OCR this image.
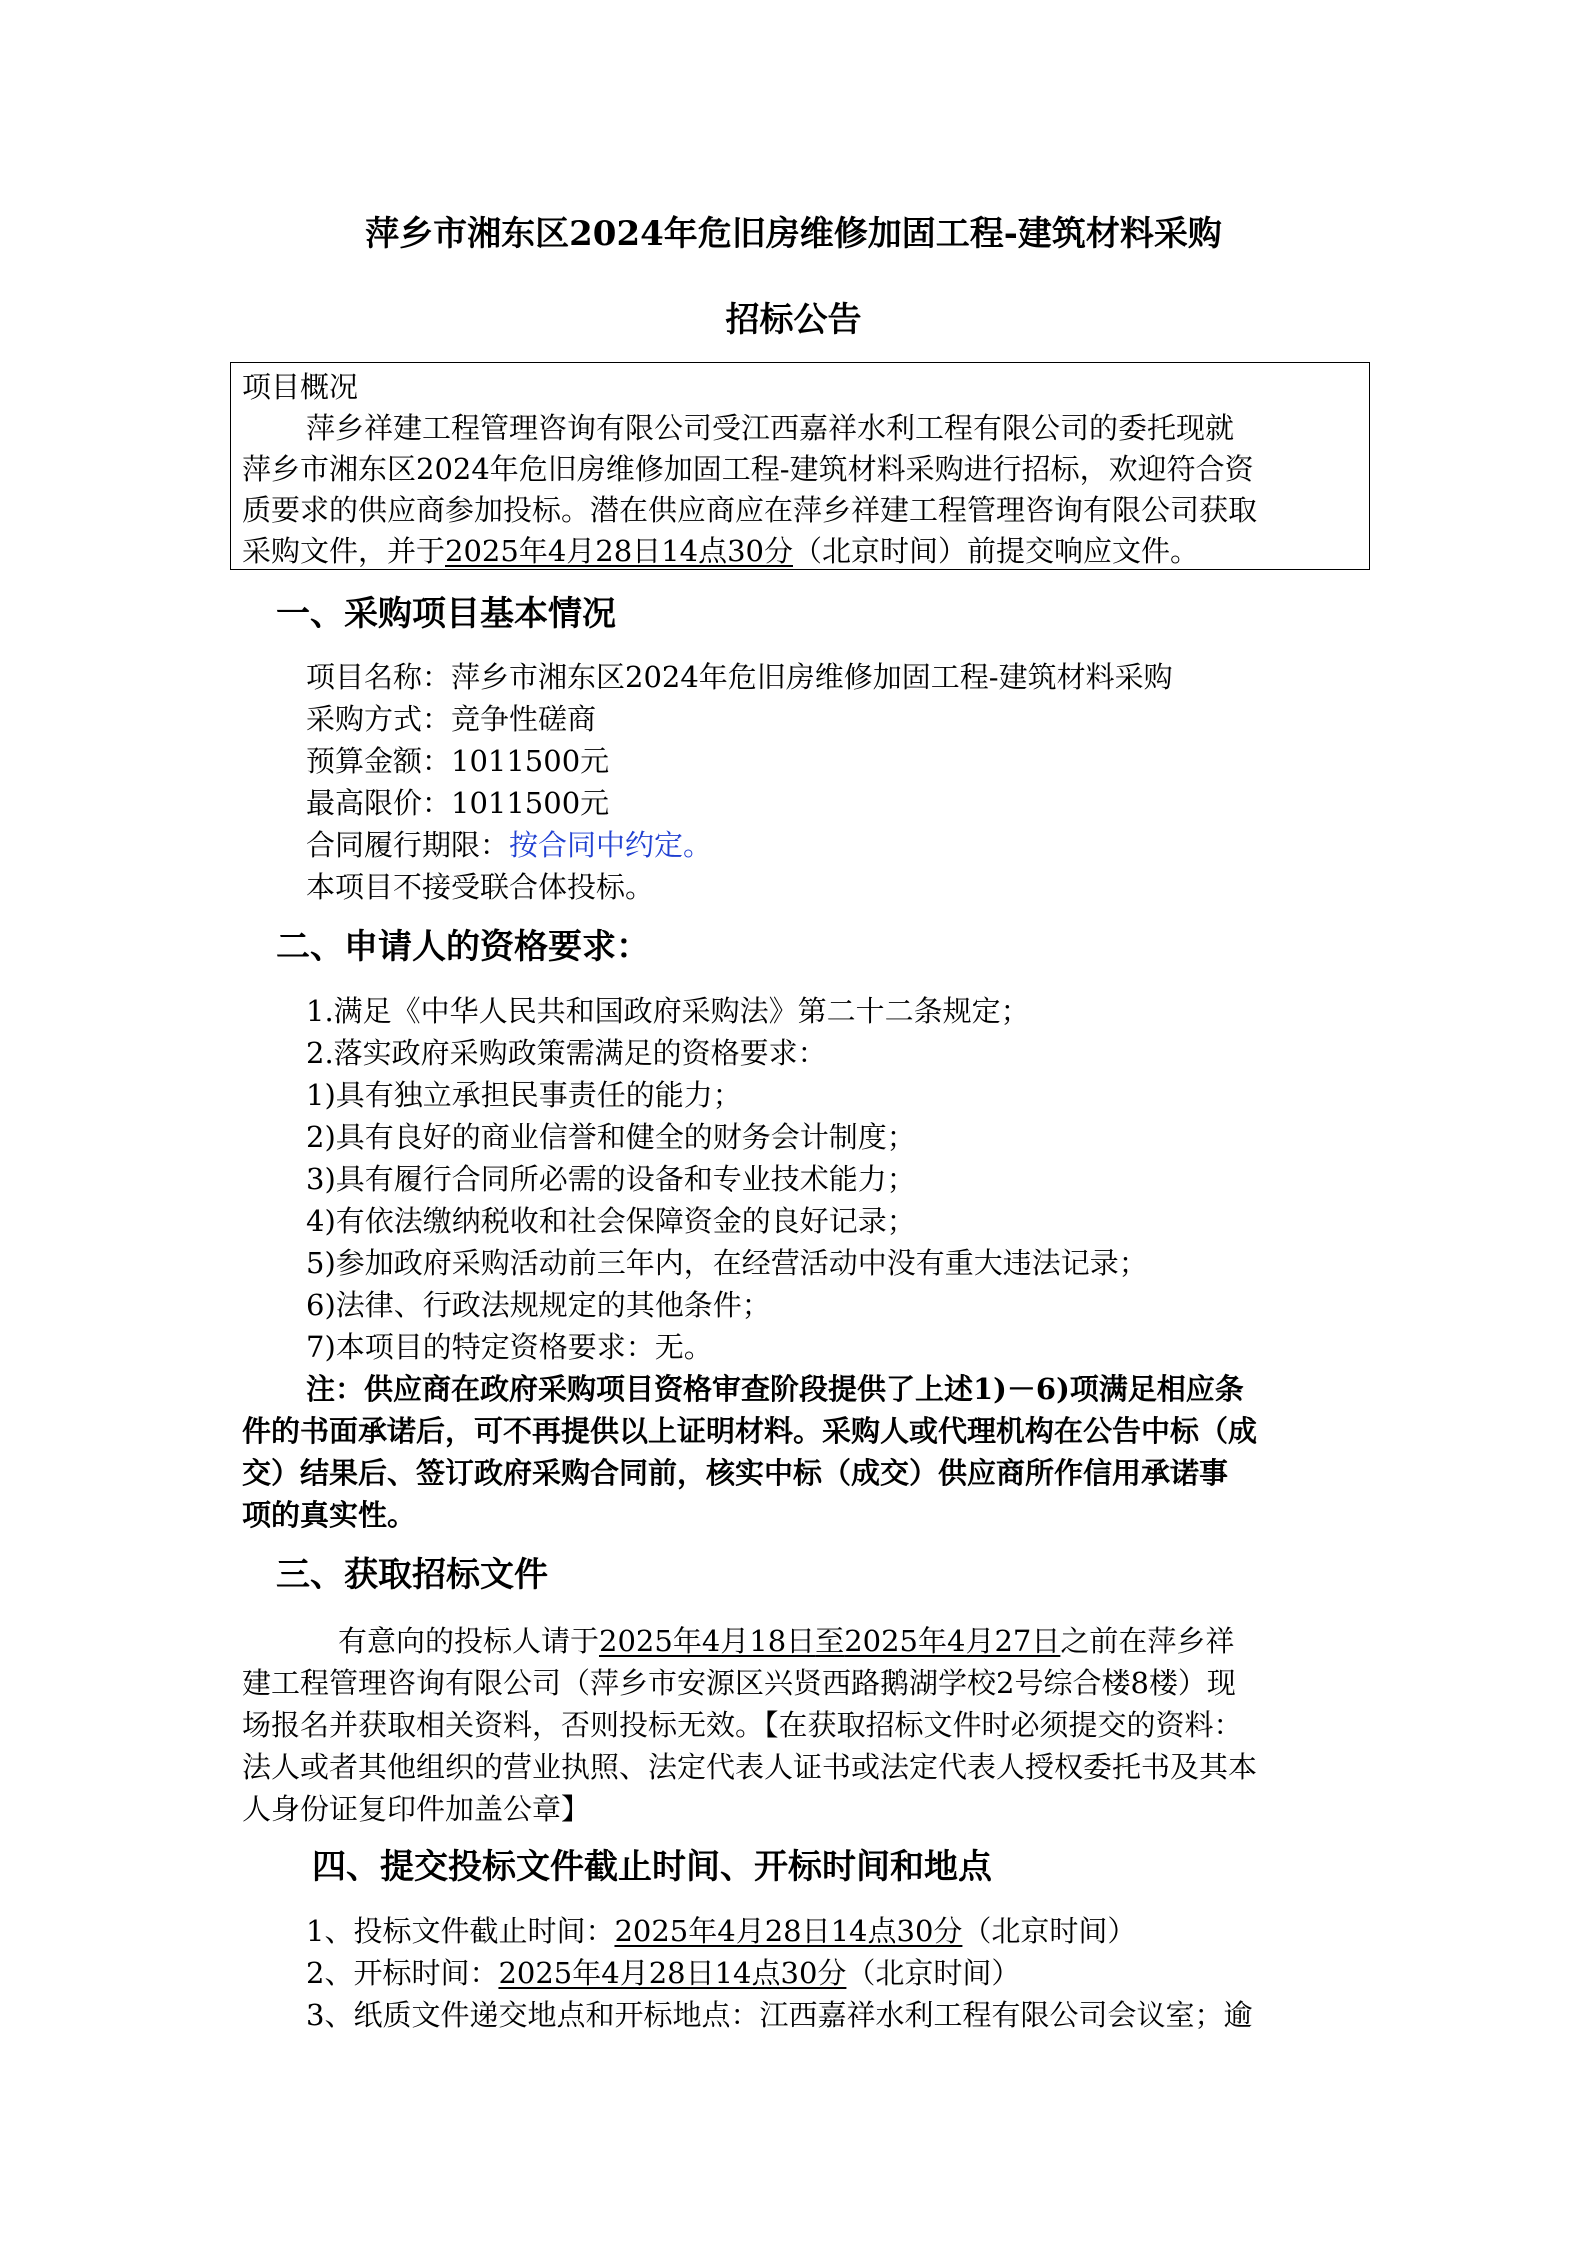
萍乡市湘东区2024年危旧房维修加固工程-建筑材料采购
招标公告
项目概况
萍乡祥建工程管理咨询有限公司受江西嘉祥水利工程有限公司的委托现就
萍乡市湘东区2024年危旧房维修加固工程-建筑材料采购进行招标，欢迎符合资
质要求的供应商参加投标。潜在供应商应在萍乡祥建工程管理咨询有限公司获取
采购文件，并于2025年4月28日14点30分（北京时间）前提交响应文件。
一、采购项目基本情况
项目名称：萍乡市湘东区2024年危旧房维修加固工程-建筑材料采购
采购方式：竞争性磋商
预算金额：1011500元
最高限价：1011500元
合同履行期限：按合同中约定。
本项目不接受联合体投标。
二、申请人的资格要求：
1.满足《中华人民共和国政府采购法》第二十二条规定；
2.落实政府采购政策需满足的资格要求：
1)具有独立承担民事责任的能力；
2)具有良好的商业信誉和健全的财务会计制度；
3)具有履行合同所必需的设备和专业技术能力；
4)有依法缴纳税收和社会保障资金的良好记录；
5)参加政府采购活动前三年内，在经营活动中没有重大违法记录；
6)法律、行政法规规定的其他条件；
7)本项目的特定资格要求：无。
注：供应商在政府采购项目资格审查阶段提供了上述1)－6)项满足相应条
件的书面承诺后，可不再提供以上证明材料。采购人或代理机构在公告中标（成
交）结果后、签订政府采购合同前，核实中标（成交）供应商所作信用承诺事
项的真实性。
三、获取招标文件
有意向的投标人请于2025年4月18日至2025年4月27日之前在萍乡祥
建工程管理咨询有限公司（萍乡市安源区兴贤西路鹅湖学校2号综合楼8楼）现
场报名并获取相关资料，否则投标无效。【在获取招标文件时必须提交的资料：
法人或者其他组织的营业执照、法定代表人证书或法定代表人授权委托书及其本
人身份证复印件加盖公章】
四、提交投标文件截止时间、开标时间和地点
1、投标文件截止时间：2025年4月28日14点30分（北京时间）
2、开标时间：2025年4月28日14点30分（北京时间）
3、纸质文件递交地点和开标地点：江西嘉祥水利工程有限公司会议室；逾
